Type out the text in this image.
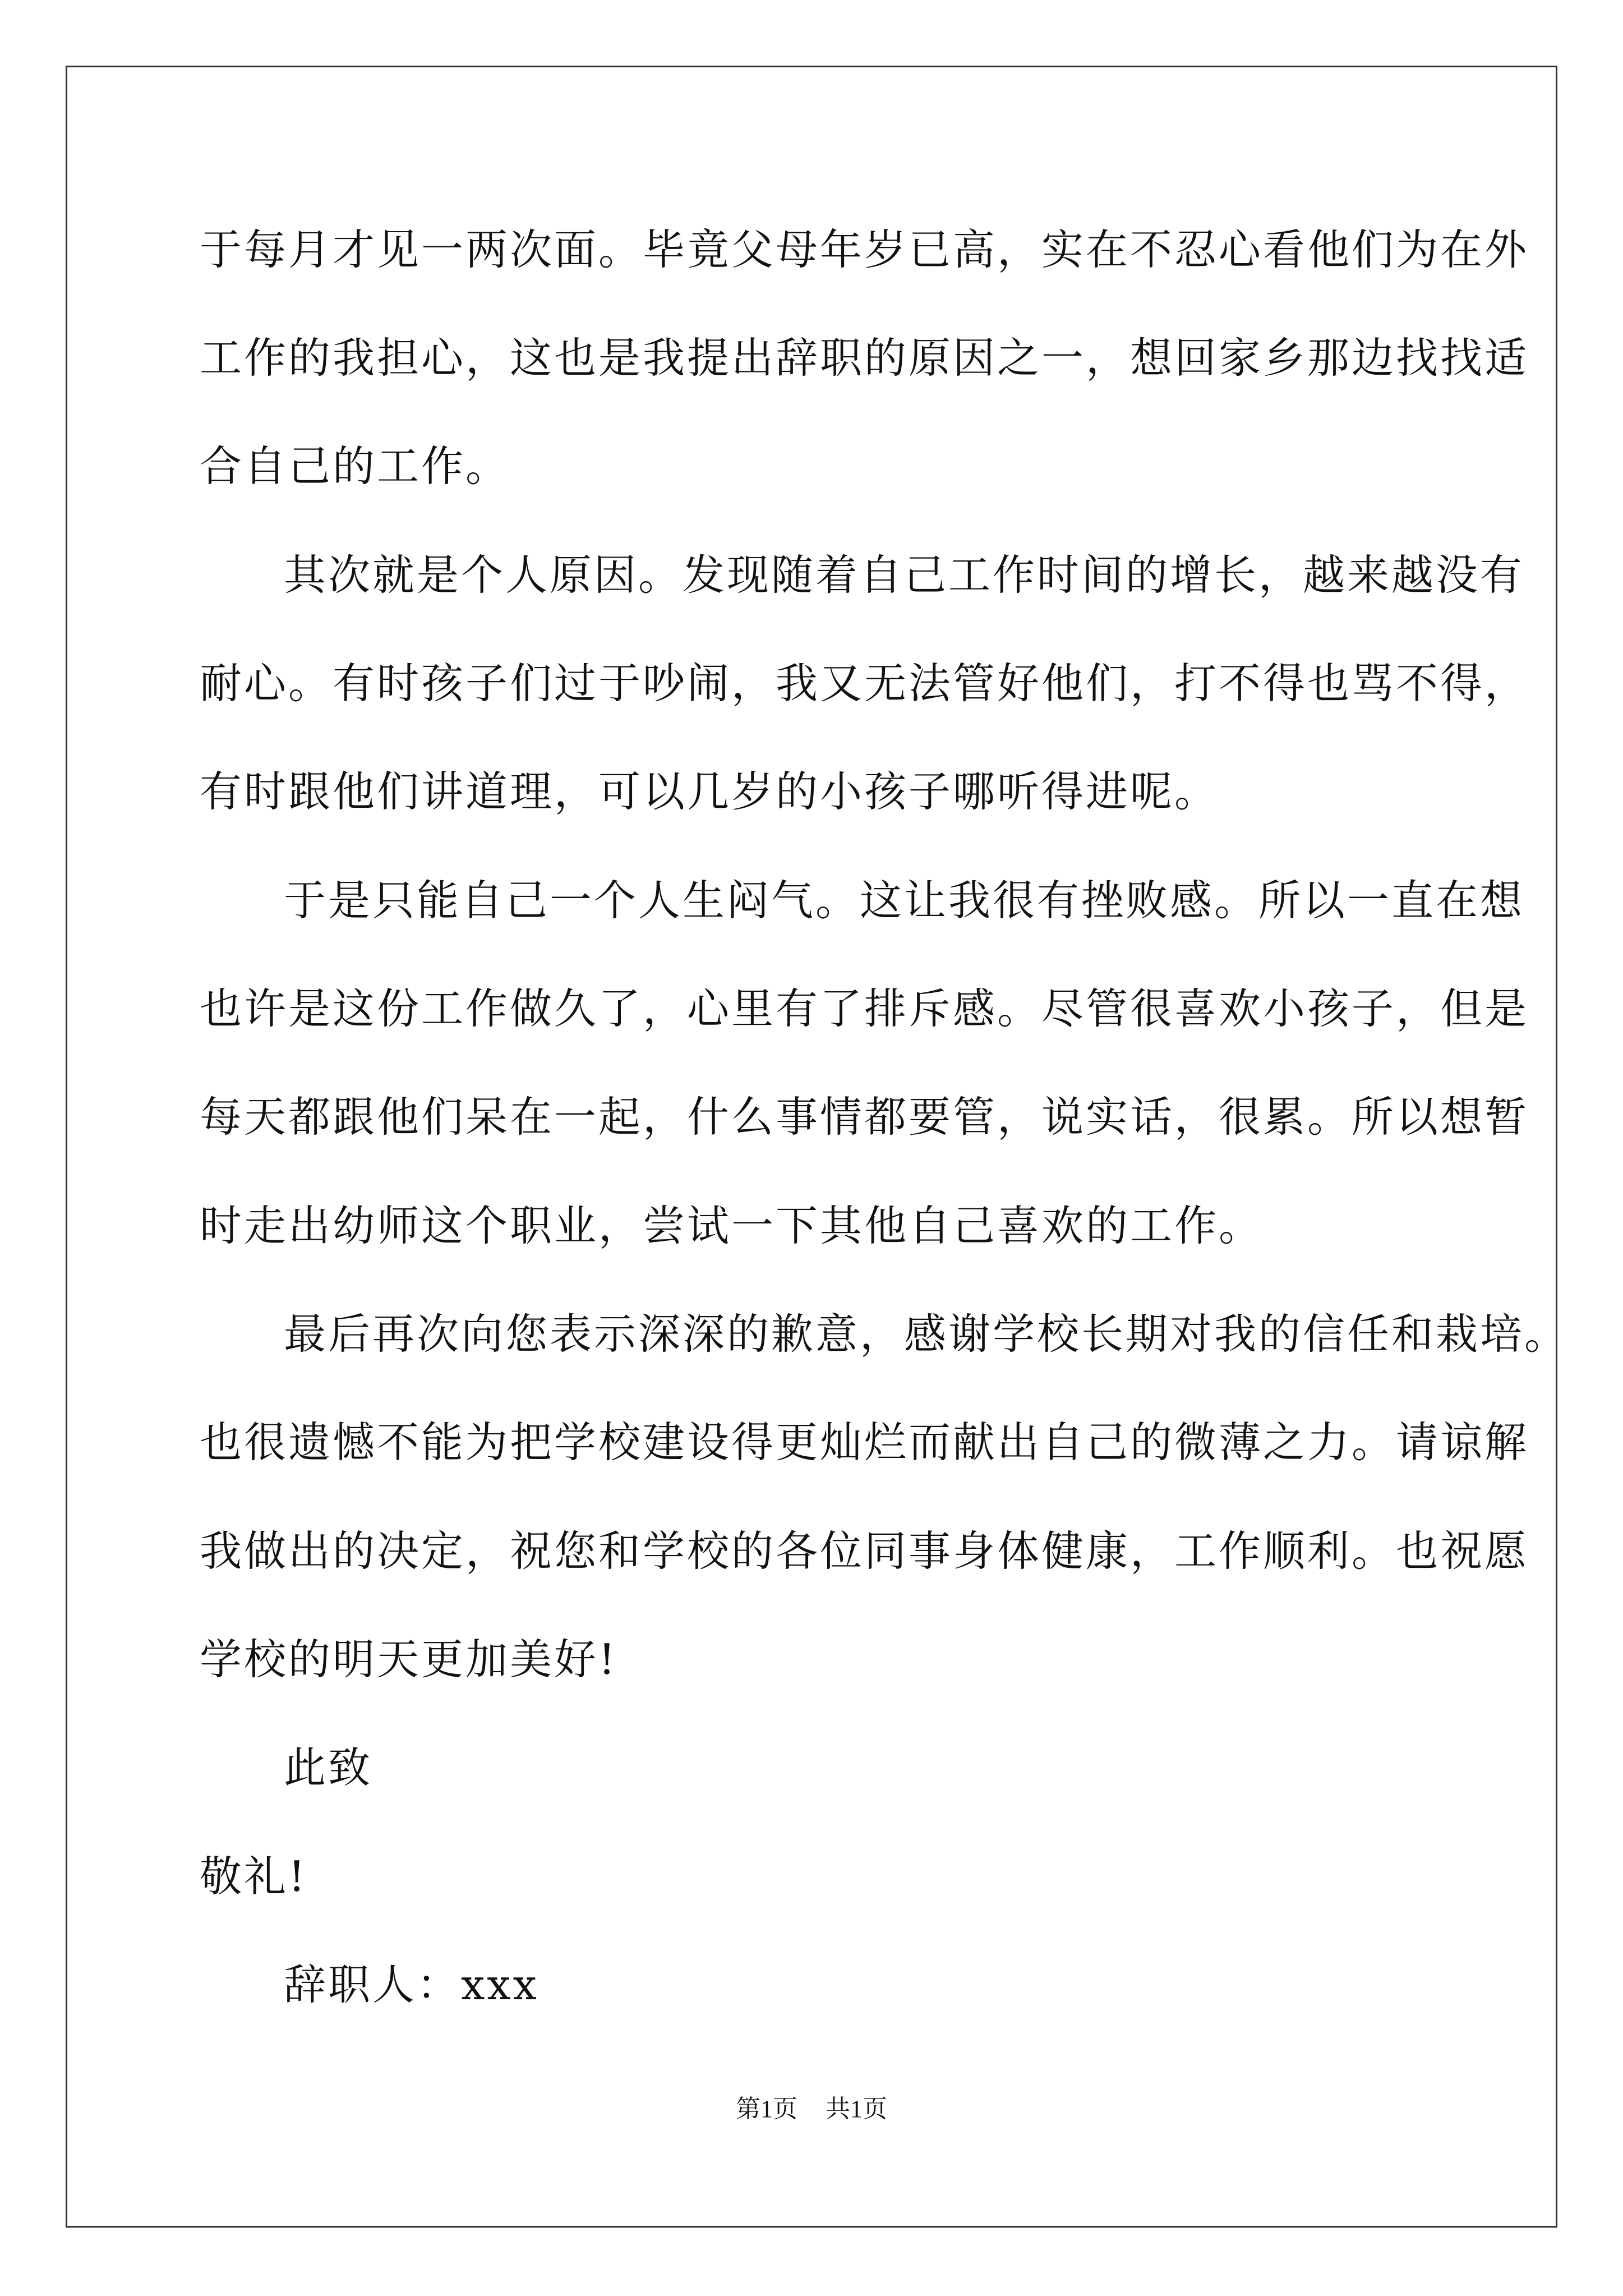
于每月才见一两次面。毕竟父母年岁已高，实在不忍心看他们为在外
工作的我担心，这也是我提出辞职的原因之一，想回家乡那边找找适
合自己的工作。
其次就是个人原因。发现随着自己工作时间的增长，越来越没有
耐心。有时孩子们过于吵闹，我又无法管好他们，打不得也骂不得，
有时跟他们讲道理，可以几岁的小孩子哪听得进呢。
于是只能自己一个人生闷气。这让我很有挫败感。所以一直在想
也许是这份工作做久了，心里有了排斥感。尽管很喜欢小孩子，但是
每天都跟他们呆在一起，什么事情都要管，说实话，很累。所以想暂
时走出幼师这个职业，尝试一下其他自己喜欢的工作。
最后再次向您表示深深的歉意，感谢学校长期对我的信任和栽培。
也很遗憾不能为把学校建设得更灿烂而献出自己的微薄之力。请谅解
我做出的决定，祝您和学校的各位同事身体健康，工作顺利。也祝愿
学校的明天更加美好!
此致
敬礼!
辞职人：xxx
第1页 共1页
